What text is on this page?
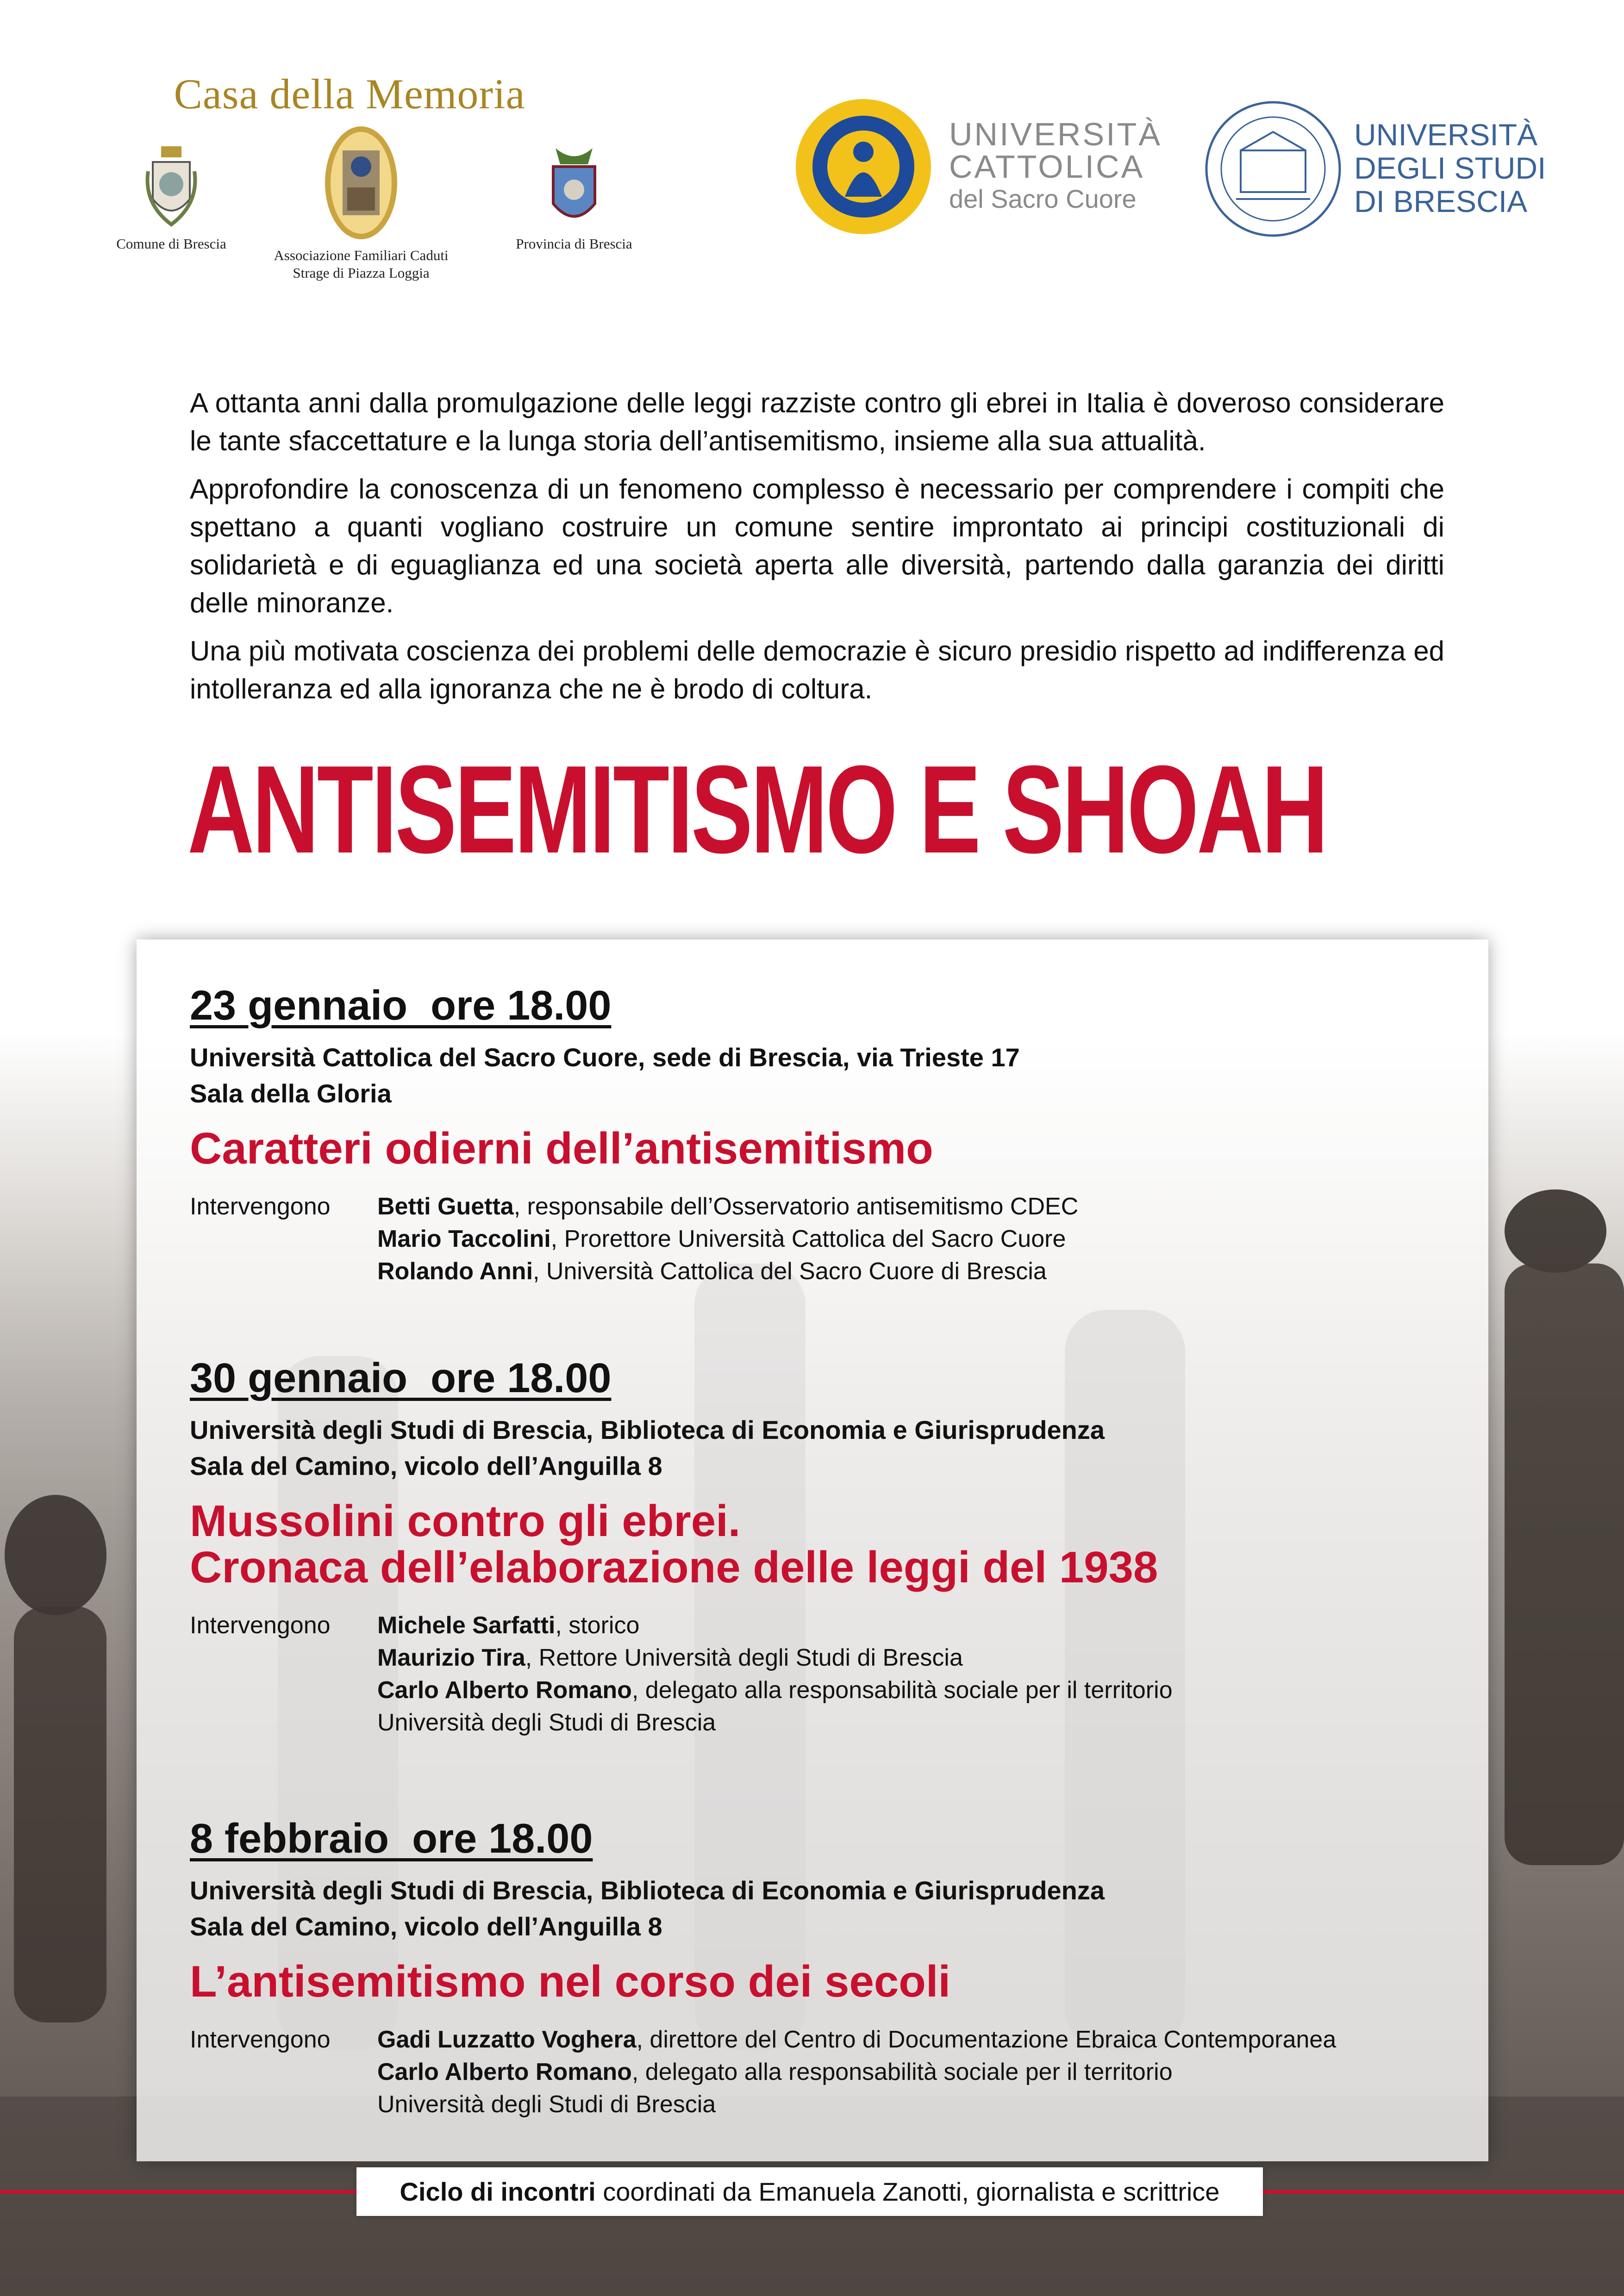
Casa della Memoria
Comune di Brescia
Associazione Familiari Caduti
Strage di Piazza Loggia
Provincia di Brescia
UNIVERSITÀ
CATTOLICA
del Sacro Cuore
UNIVERSITÀ
DEGLI STUDI
DI BRESCIA

A ottanta anni dalla promulgazione delle leggi razziste contro gli ebrei in Italia è doveroso considerare le tante sfaccettature e la lunga storia dell’antisemitismo, insieme alla sua attualità.

Approfondire la conoscenza di un fenomeno complesso è necessario per comprendere i compiti che spettano a quanti vogliano costruire un comune sentire improntato ai principi costituzionali di solidarietà e di eguaglianza ed una società aperta alle diversità, partendo dalla garanzia dei diritti delle minoranze.

Una più motivata coscienza dei problemi delle democrazie è sicuro presidio rispetto ad indifferenza ed intolleranza ed alla ignoranza che ne è brodo di coltura.

ANTISEMITISMO E SHOAH
23 gennaio  ore 18.00
Università Cattolica del Sacro Cuore, sede di Brescia, via Trieste 17
Sala della Gloria
Caratteri odierni dell’antisemitismo
Intervengono	Betti Guetta, responsabile dell’Osservatorio antisemitismo CDEC
Mario Taccolini, Prorettore Università Cattolica del Sacro Cuore
Rolando Anni, Università Cattolica del Sacro Cuore di Brescia
30 gennaio  ore 18.00
Università degli Studi di Brescia, Biblioteca di Economia e Giurisprudenza
Sala del Camino, vicolo dell’Anguilla 8
Mussolini contro gli ebrei.
Cronaca dell’elaborazione delle leggi del 1938
Intervengono	Michele Sarfatti, storico
Maurizio Tira, Rettore Università degli Studi di Brescia
Carlo Alberto Romano, delegato alla responsabilità sociale per il territorio
Università degli Studi di Brescia
8 febbraio  ore 18.00
Università degli Studi di Brescia, Biblioteca di Economia e Giurisprudenza
Sala del Camino, vicolo dell’Anguilla 8
L’antisemitismo nel corso dei secoli
Intervengono	Gadi Luzzatto Voghera, direttore del Centro di Documentazione Ebraica Contemporanea
Carlo Alberto Romano, delegato alla responsabilità sociale per il territorio
Università degli Studi di Brescia
Ciclo di incontri coordinati da Emanuela Zanotti, giornalista e scrittrice
